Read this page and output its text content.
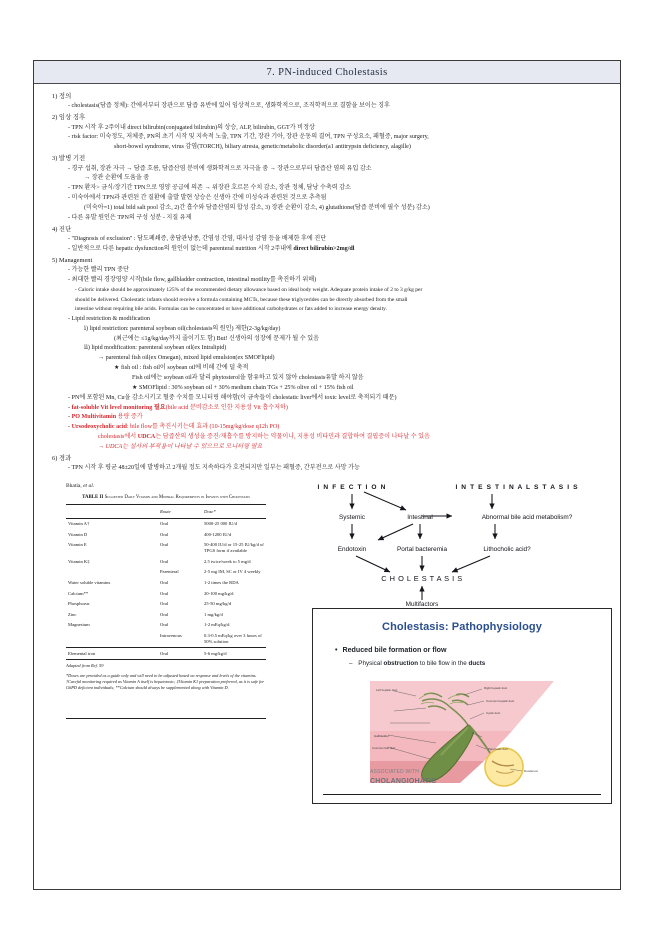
7. PN-induced Cholestasis
1) 정의
- cholestasis(담즙 정체): 간에서부터 장관으로 담즙 유반에 있어 임상적으로, 생화학적으로, 조직학적으로 결함을 보이는 징후
2) 임상 징후
- TPN 시작 후 2주이내 direct bilirubin(conjugated bilirubin)의 상승, ALP, bilirubin, GGT가 비정상
- risk factor: 미숙정도, 저체중, PN의 초기 시작 및 지속적 노출, TPN 기간, 장관 기아, 장관 운동의 결여, TPN 구성요소, 패혈증, major surgery,
short-bowel syndrome, virus 감염(TORCH), biliary atresia, genetic/metabolic disorder(a1 antitrypsin deficiency, alagille)
3) 발병 기전
- 경구 섭취, 장관 자극 → 담즙 흐름, 담즙산염 분비에 생화학적으로 자극을 줌 → 장관으로부터 담즙산 염의 유입 감소
→ 장관 순환에 도움을 줌
- TPN 환자> 금식/장기간 TPN으로 영양 공급에 의존 → 위장관 호르몬 수치 감소, 장관 정체, 담낭 수축력 감소
- 미숙아에서 TPN과 관련된 간 질환에 출발 발현 상승은 신생아 간에 미성숙과 관련된 것으로 추측됨
(미숙아=1) total bild salt pool 감소, 2)간 흡수와 담즙산염의 합성 감소, 3) 장관 순환이 감소, 4) glutathione(담즙 분비에 필수 성분) 감소)
- 다른 유발 원인은 TPN의 구성 성분 - 지질 유제
4) 진단
- "Diagnosis of exclusion" : 담도폐쇄증, 총담관낭종, 간염성 간염, 대사성 감염 등을 배제한 후에 진단
- 일반적으로 다른 hepatic dysfunction의 원인이 없는데 parenteral nutrition 시작 2주내에 direct bilirubin>2mg/dl
5) Management
- 가능한 빨리 TPN 중단
- 최대한 빨리 경장영양 시작(bile flow, gallbladder contraction, intestinal motility를 촉진하기 위해)
- Caloric intake should be approximately 125% of the recommended dietary allowance based on ideal body weight. Adequate protein intake of 2 to 3 g/kg per
should be delivered. Cholestatic infants should receive a formula containing MCTs, because these triglycerides can be directly absorbed from the small
intestine without requiring bile acids. Formulas can be concentrated or have additional carbohydrates or fats added to increase energy density.
- Lipid restriction & modification
ⅰ) lipid restriction: parenteral soybean oil(cholestasis의 원인) 제한(2-3g/kg/day)
(최근에는 ≤1g/kg/day까지 줄이기도 함) But! 신생아의 성장에 문제가 될 수 있음
ⅱ) lipid modification: parenteral soybean oil(ex Intralipid)
→ parenteral fish oil(ex Omegan), mixed lipid emulsion(ex SMOFlipid)
★ fish oil : fish oil이 soybean oil에 비해 간에 덜 축적
Fish oil에는 soybean oil과 달리 phytosterol을 함유하고 있지 않아 cholestasis유발 하지 않음
★ SMOFlipid : 30% soybean oil + 30% medium chain TGs + 25% olive oil + 15% fish oil
- PN에 포함된 Mn, Cu을 감소시키고 혈중 수치를 모니터링 해야함(이 금속들이 cholestatic liver에서 toxic level로 축적되기 때문)
- fat-soluble Vit level monitoring 필요(bile acid 분비감소로 인한 지용성 Vit 흡수저하)
- PO Multivitamin 용량 증가
- Ursodeoxycholic acid: bile flow를 촉진시키는데 효과 (10-15mg/kg/dose q12h PO)
cholestasis에서 UDCA는 담즙산의 생성을 증진/재흡수를 방지하는 약물이나, 지용성 비타민과 결합하여 결핍증이 나타날 수 있음
→ UDCA는 설사의 부작용이 나타날 수 있으므로 모니터링 필요
6) 경과
- TPN 시작 후 평균 48±20일에 발병하고 2개월 정도 지속하다가 호전되지만 일부는 패혈증, 간부전으로 사망 가능
Bhatia, et al.
TABLE II Suggested Daily Vitamin and Mineral Requirements in Infants with Cholestasis
	Route	Dose*
Vitamin A†	Oral	5000-25 000 IU/d
Vitamin D	Oral	400-1200 IU/d
Vitamin E	Oral	50-400 IU/d or 15-25 IU/kg/d of TPGS form if available
Vitamin K‡	Oral	2.5 twice/week to 5 mg/d
	Parenteral	2-5 mg IM, SC or IV 4 weekly
Water soluble vitamins	Oral	1-2 times the RDA
Calcium**	Oral	20-100 mg/kg/d
Phosphorus	Oral	25-50 mg/kg/d
Zinc	Oral	1 mg/kg/d
Magnesium	Oral	1-2 mEq/kg/d
	Intravenous	0.3-0.5 mEq/kg over 3 hours of 50% solution
Elemental iron	Oral	5-6 mg/kg/d
Adapted from Ref. 59
*Doses are provided as a guide only and will need to be adjusted based on response and levels of the vitamins. †Careful monitoring required as Vitamin A itself is hepatotoxic; ‡Vitamin K1 preparation preferred, as it is safe for G6PD deficient individuals; **Calcium should always be supplemented along with Vitamin D.
I N F E C T I O N	I N T E S T I N A L S T A S I S
Systemic	Intestinal	Abnormal bile acid metabolism?
Endotoxin	Portal bacteremia	Lithocholic acid?
C H O L E S T A S I S
Multifactors
Cholestasis: Pathophysiology
• Reduced bile formation or flow
– Physical obstruction to bile flow in the ducts
Left hepatic duct	Right hepatic duct
Common hepatic duct
Cystic duct
Gallbladder
Common bile duct	Pancreatic duct
Duodenum
ASSOCIATED WITH
CHOLANGIOHATIC
